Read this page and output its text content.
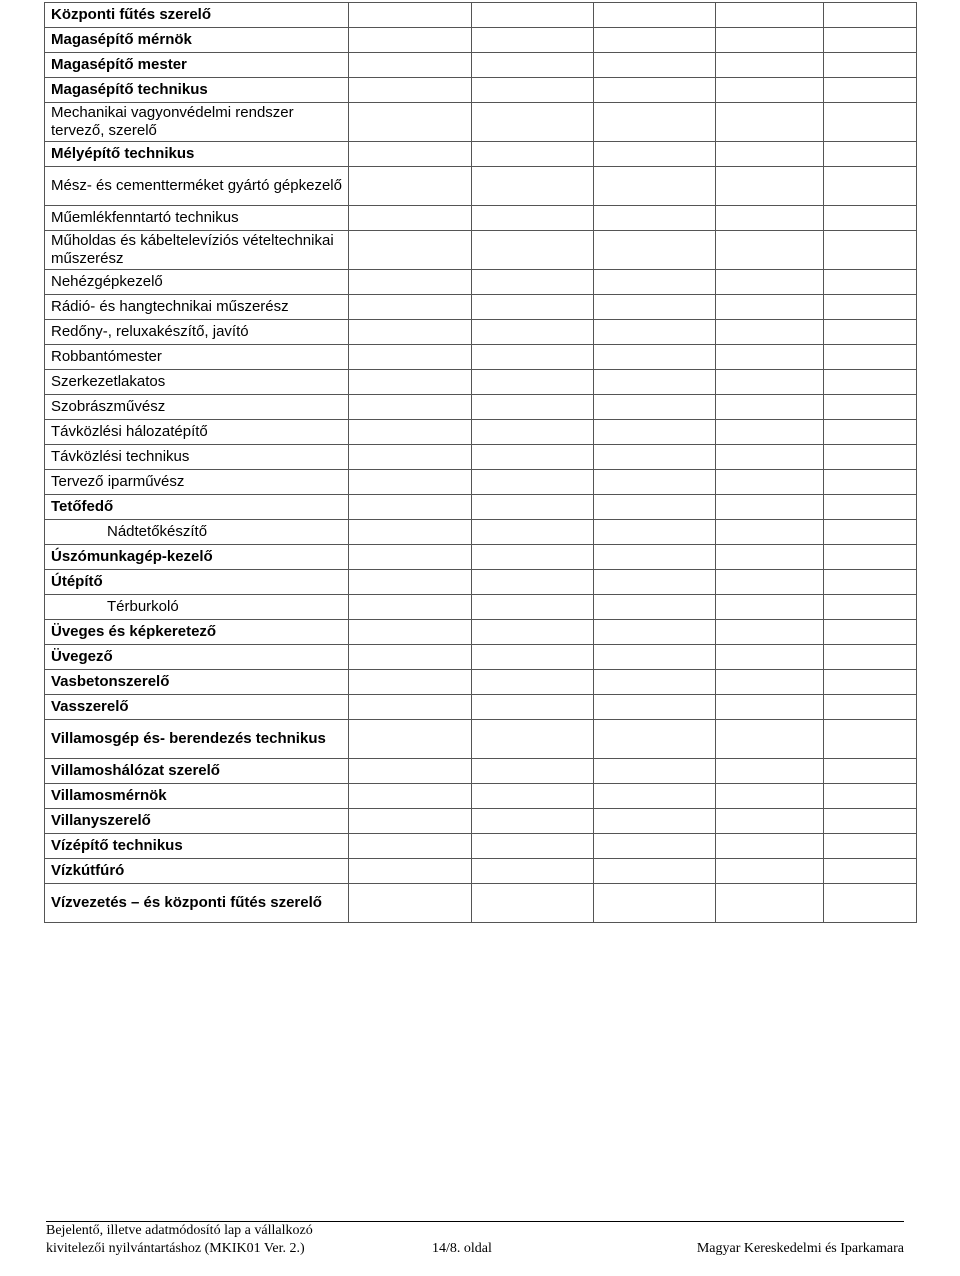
Központi fűtés szerelő					
Magasépítő mérnök					
Magasépítő mester					
Magasépítő technikus					
Mechanikai vagyonvédelmi rendszer tervező, szerelő					
Mélyépítő technikus					
Mész- és cementterméket gyártó gépkezelő					
Műemlékfenntartó technikus					
Műholdas és kábeltelevíziós vételtechnikai műszerész					
Nehézgépkezelő					
Rádió- és hangtechnikai műszerész					
Redőny-, reluxakészítő, javító					
Robbantómester					
Szerkezetlakatos					
Szobrászművész					
Távközlési hálozatépítő					
Távközlési technikus					
Tervező iparművész					
Tetőfedő					
Nádtetőkészítő					
Úszómunkagép-kezelő					
Útépítő					
Térburkoló					
Üveges és képkeretező					
Üvegező					
Vasbetonszerelő					
Vasszerelő					
Villamosgép és- berendezés technikus					
Villamoshálózat szerelő					
Villamosmérnök					
Villanyszerelő					
Vízépítő technikus					
Vízkútfúró					
Vízvezetés – és központi fűtés szerelő					
Bejelentő, illetve adatmódosító lap a vállalkozó
kivitelezői nyilvántartáshoz (MKIK01 Ver. 2.)	14/8. oldal	Magyar Kereskedelmi és Iparkamara
